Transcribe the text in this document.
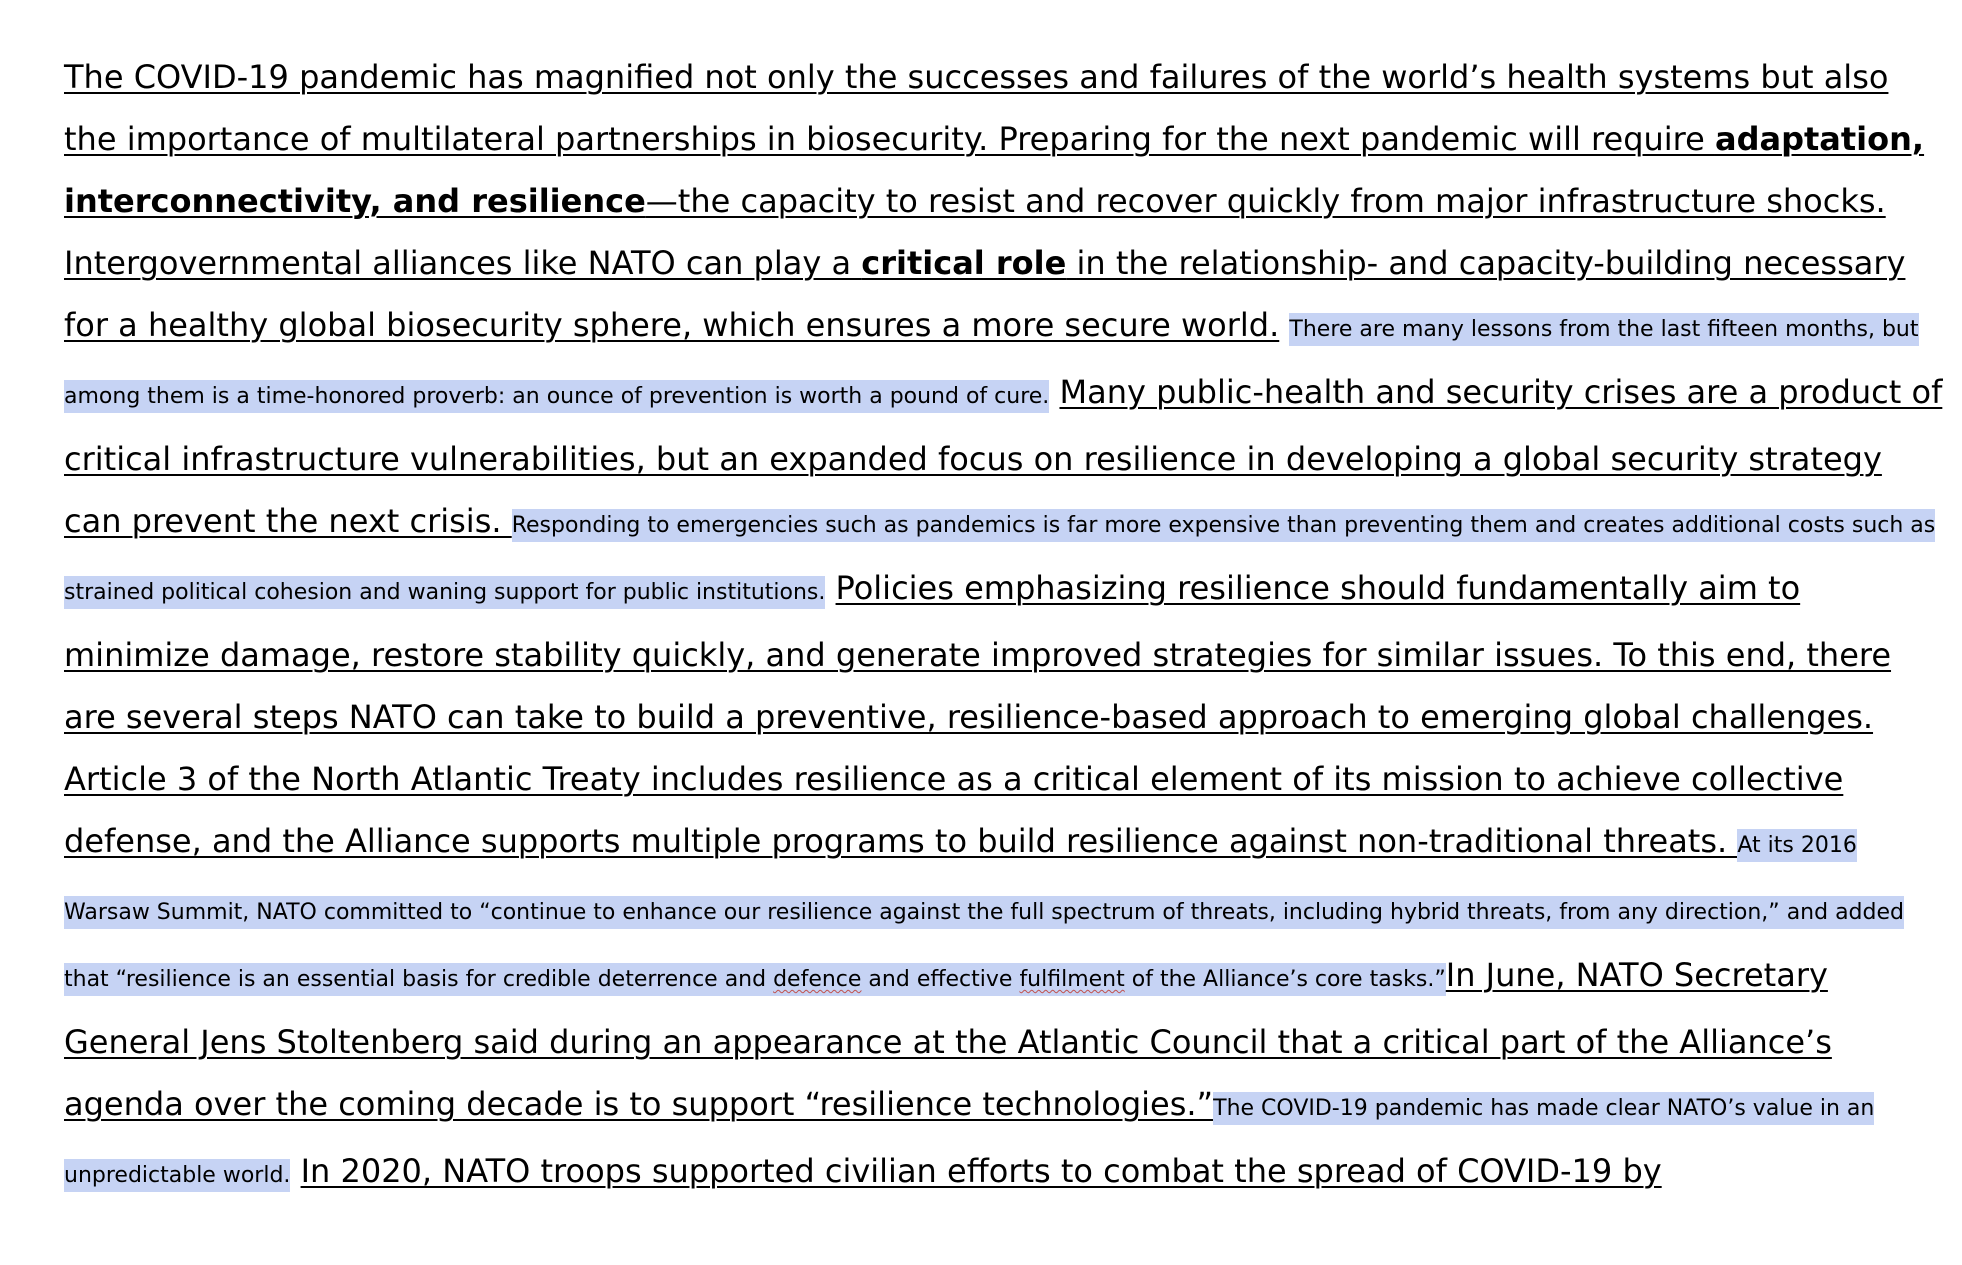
The COVID-19 pandemic has magnified not only the successes and failures of the world’s health systems but also the importance of multilateral partnerships in biosecurity. Preparing for the next pandemic will require adaptation, interconnectivity, and resilience—the capacity to resist and recover quickly from major infrastructure shocks. Intergovernmental alliances like NATO can play a critical role in the relationship- and capacity-building necessary for a healthy global biosecurity sphere, which ensures a more secure world. There are many lessons from the last fifteen months, but among them is a time-honored proverb: an ounce of prevention is worth a pound of cure. Many public-health and security crises are a product of critical infrastructure vulnerabilities, but an expanded focus on resilience in developing a global security strategy can prevent the next crisis. Responding to emergencies such as pandemics is far more expensive than preventing them and creates additional costs such as strained political cohesion and waning support for public institutions. Policies emphasizing resilience should fundamentally aim to minimize damage, restore stability quickly, and generate improved strategies for similar issues. To this end, there are several steps NATO can take to build a preventive, resilience-based approach to emerging global challenges. Article 3 of the North Atlantic Treaty includes resilience as a critical element of its mission to achieve collective defense, and the Alliance supports multiple programs to build resilience against non-traditional threats. At its 2016 Warsaw Summit, NATO committed to “continue to enhance our resilience against the full spectrum of threats, including hybrid threats, from any direction,” and added that “resilience is an essential basis for credible deterrence and defence and effective fulfilment of the Alliance’s core tasks.”In June, NATO Secretary General Jens Stoltenberg said during an appearance at the Atlantic Council that a critical part of the Alliance’s agenda over the coming decade is to support “resilience technologies.”The COVID-19 pandemic has made clear NATO’s value in an unpredictable world. In 2020, NATO troops supported civilian efforts to combat the spread of COVID-19 by
